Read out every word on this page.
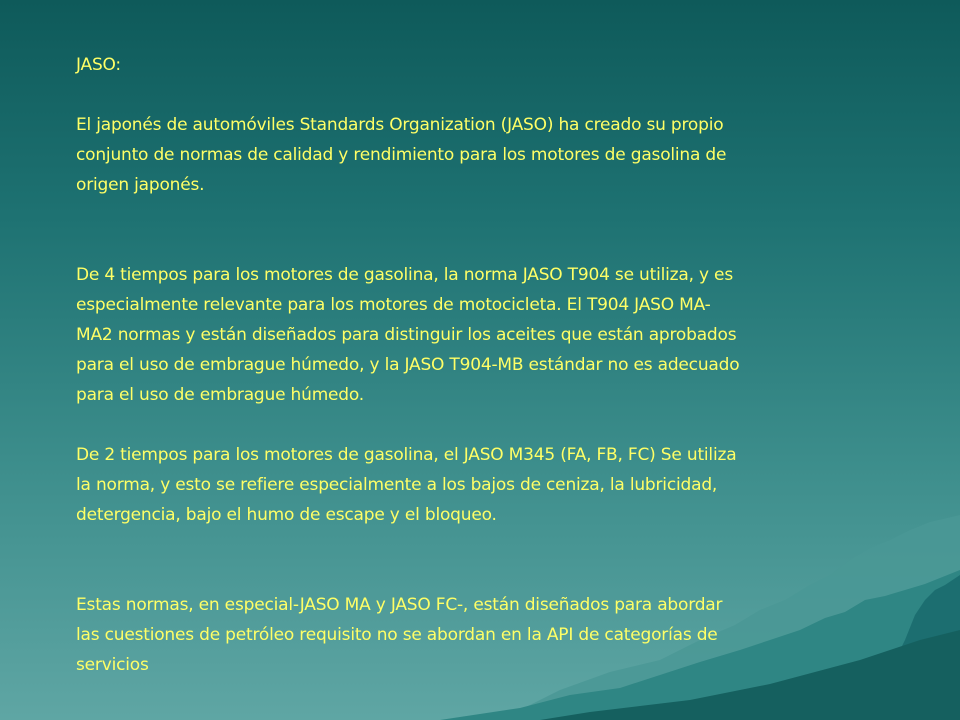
JASO:

El japonés de automóviles Standards Organization (JASO) ha creado su propio
conjunto de normas de calidad y rendimiento para los motores de gasolina de
origen japonés.

De 4 tiempos para los motores de gasolina, la norma JASO T904 se utiliza, y es
especialmente relevante para los motores de motocicleta. El T904 JASO MA-
MA2 normas y están diseñados para distinguir los aceites que están aprobados
para el uso de embrague húmedo, y la JASO T904-MB estándar no es adecuado
para el uso de embrague húmedo.

De 2 tiempos para los motores de gasolina, el JASO M345 (FA, FB, FC) Se utiliza
la norma, y esto se refiere especialmente a los bajos de ceniza, la lubricidad,
detergencia, bajo el humo de escape y el bloqueo.

Estas normas, en especial-JASO MA y JASO FC-, están diseñados para abordar
las cuestiones de petróleo requisito no se abordan en la API de categorías de
servicios
